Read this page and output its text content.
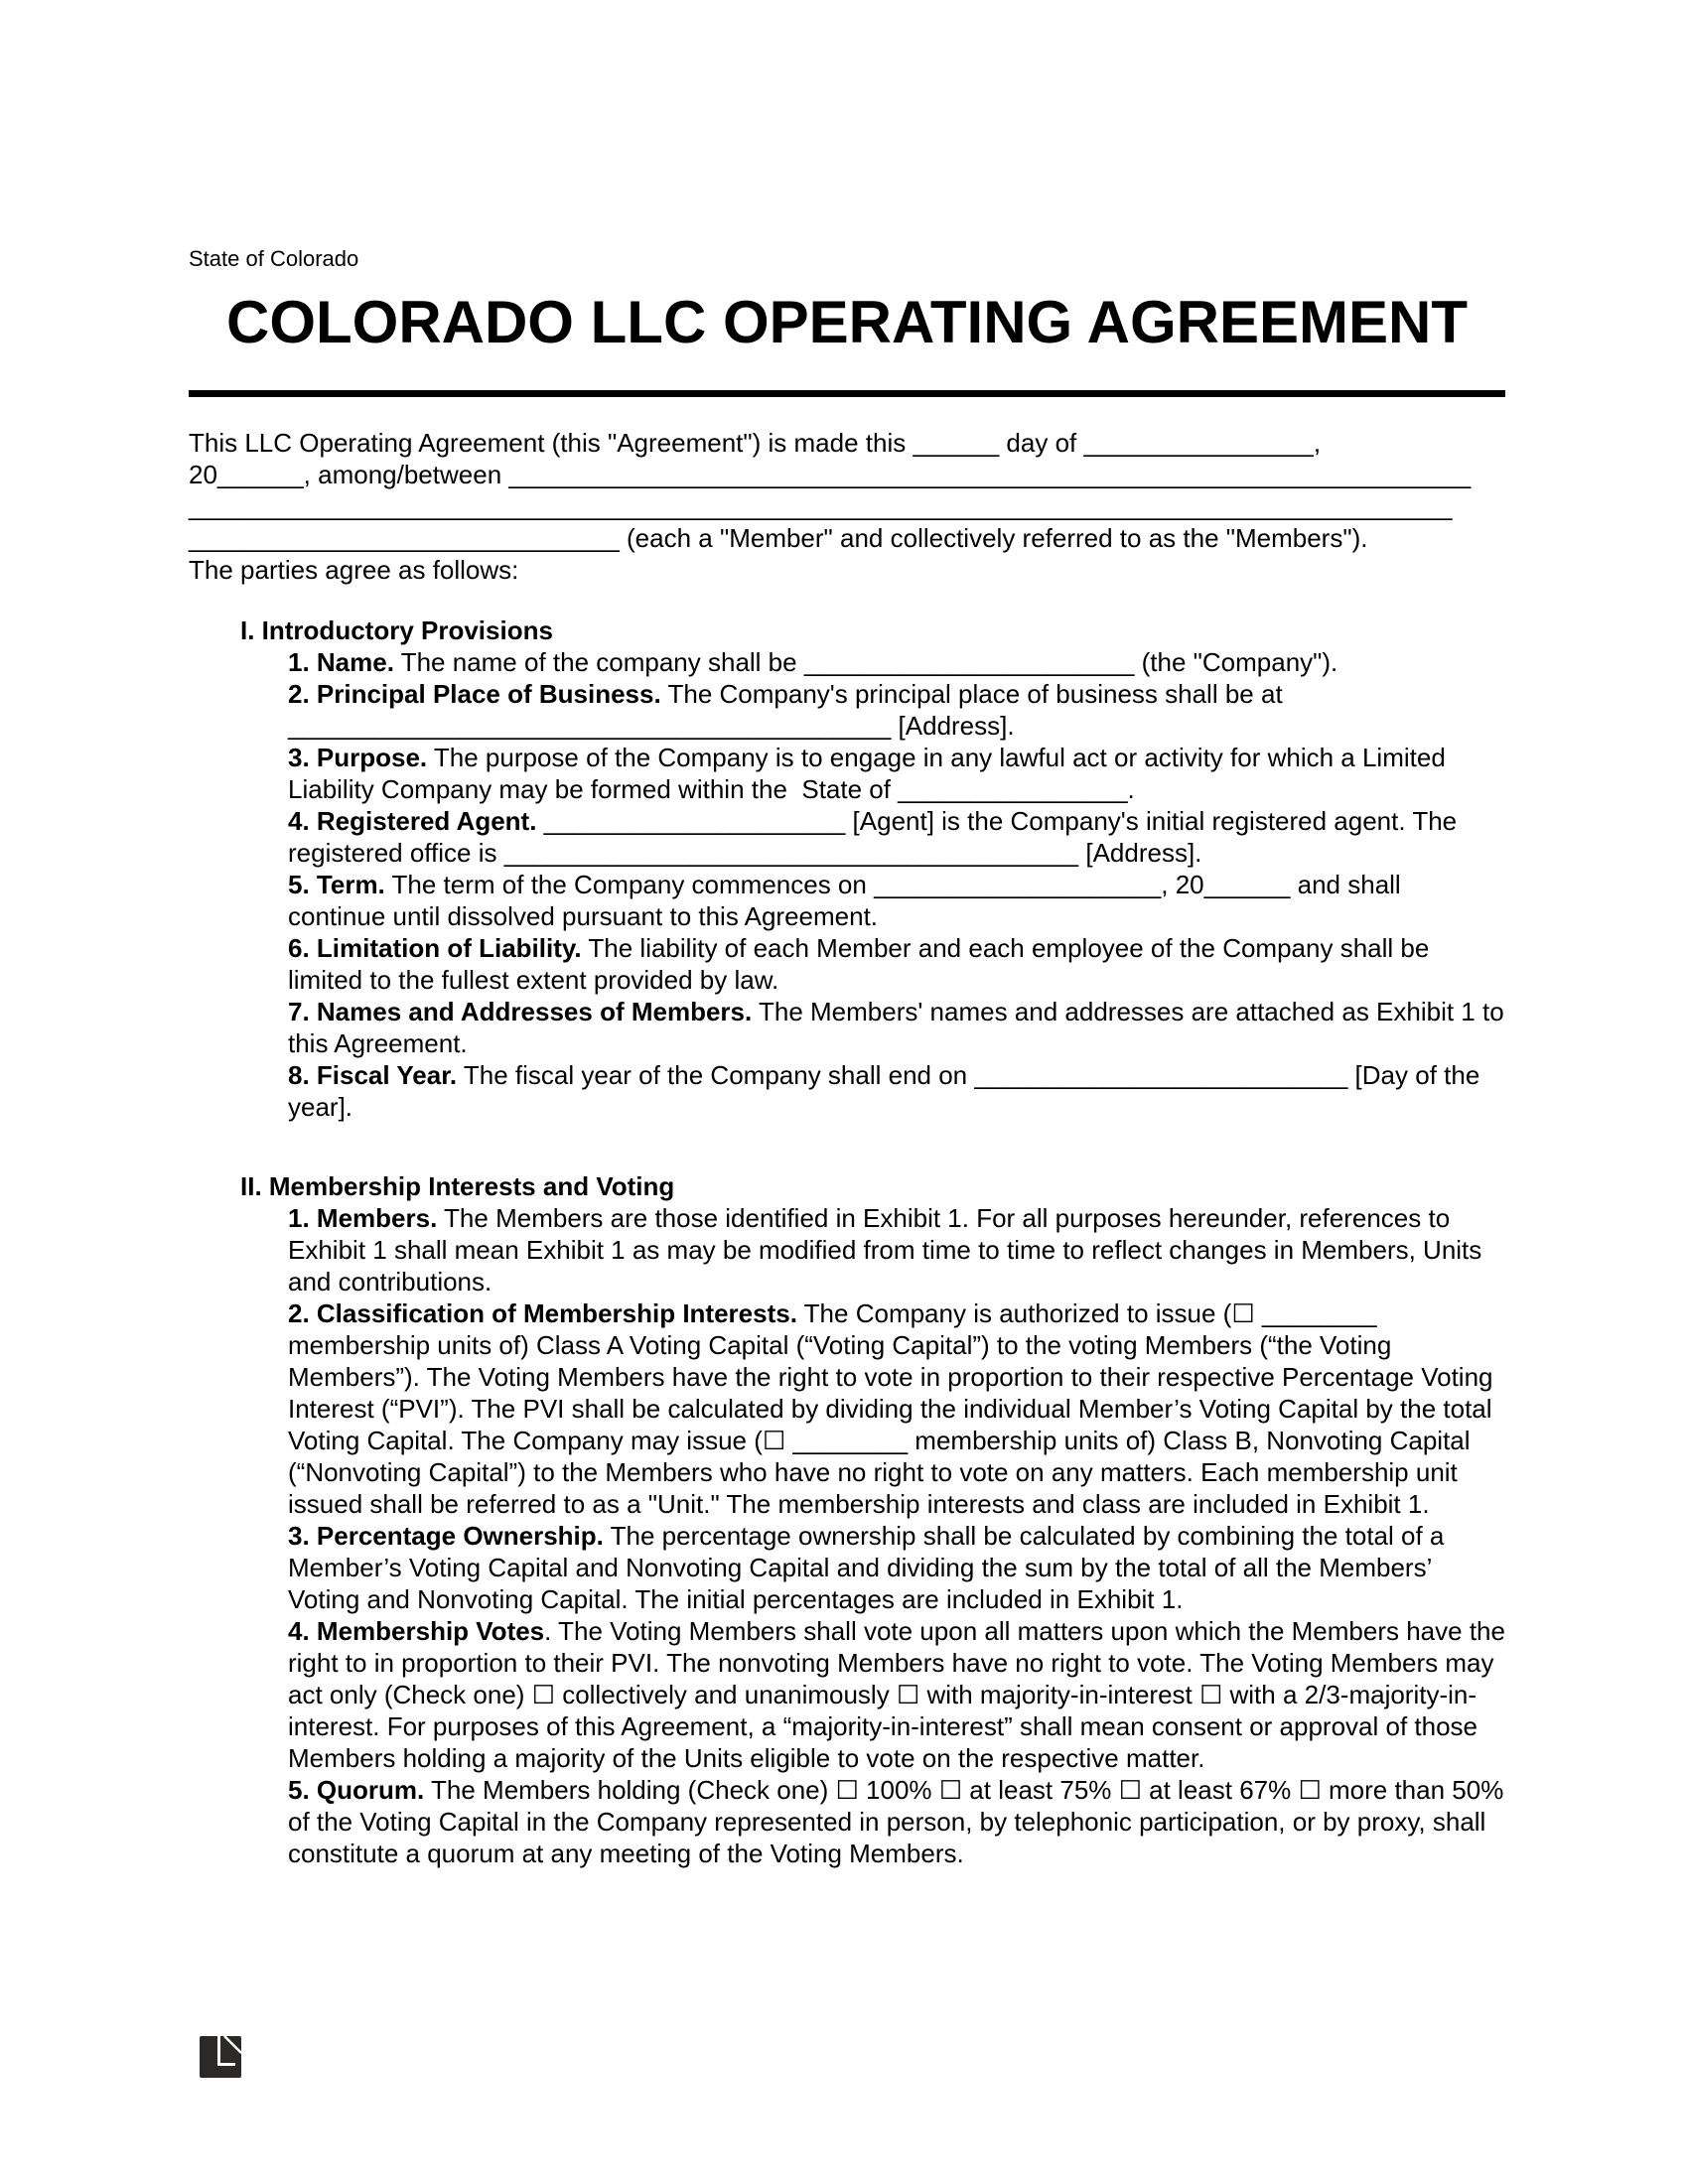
State of Colorado
COLORADO LLC OPERATING AGREEMENT
This LLC Operating Agreement (this "Agreement") is made this ______ day of ________________,
20______, among/between ___________________________________________________________________
________________________________________________________________________________________
______________________________ (each a "Member" and collectively referred to as the "Members").
The parties agree as follows:
I. Introductory Provisions
1. Name. The name of the company shall be _______________________ (the "Company").
2. Principal Place of Business. The Company's principal place of business shall be at __________________________________________ [Address].
3. Purpose. The purpose of the Company is to engage in any lawful act or activity for which a Limited Liability Company may be formed within the  State of ________________.
4. Registered Agent. _____________________ [Agent] is the Company's initial registered agent. The registered office is ________________________________________ [Address].
5. Term. The term of the Company commences on ____________________, 20______ and shall continue until dissolved pursuant to this Agreement.
6. Limitation of Liability. The liability of each Member and each employee of the Company shall be limited to the fullest extent provided by law.
7. Names and Addresses of Members. The Members' names and addresses are attached as Exhibit 1 to this Agreement.
8. Fiscal Year. The fiscal year of the Company shall end on __________________________ [Day of the year].
II. Membership Interests and Voting
1. Members. The Members are those identified in Exhibit 1. For all purposes hereunder, references to Exhibit 1 shall mean Exhibit 1 as may be modified from time to time to reflect changes in Members, Units and contributions.
2. Classification of Membership Interests. The Company is authorized to issue (☐ ________ membership units of) Class A Voting Capital (“Voting Capital”) to the voting Members (“the Voting Members”). The Voting Members have the right to vote in proportion to their respective Percentage Voting Interest (“PVI”). The PVI shall be calculated by dividing the individual Member’s Voting Capital by the total Voting Capital. The Company may issue (☐ ________ membership units of) Class B, Nonvoting Capital (“Nonvoting Capital”) to the Members who have no right to vote on any matters. Each membership unit issued shall be referred to as a "Unit." The membership interests and class are included in Exhibit 1.
3. Percentage Ownership. The percentage ownership shall be calculated by combining the total of a Member’s Voting Capital and Nonvoting Capital and dividing the sum by the total of all the Members’ Voting and Nonvoting Capital. The initial percentages are included in Exhibit 1.
4. Membership Votes. The Voting Members shall vote upon all matters upon which the Members have the right to in proportion to their PVI. The nonvoting Members have no right to vote. The Voting Members may act only (Check one) ☐ collectively and unanimously ☐ with majority-in-interest ☐ with a 2/3-majority-in-interest. For purposes of this Agreement, a “majority-in-interest” shall mean consent or approval of those Members holding a majority of the Units eligible to vote on the respective matter.
5. Quorum. The Members holding (Check one) ☐ 100% ☐ at least 75% ☐ at least 67% ☐ more than 50% of the Voting Capital in the Company represented in person, by telephonic participation, or by proxy, shall constitute a quorum at any meeting of the Voting Members.
